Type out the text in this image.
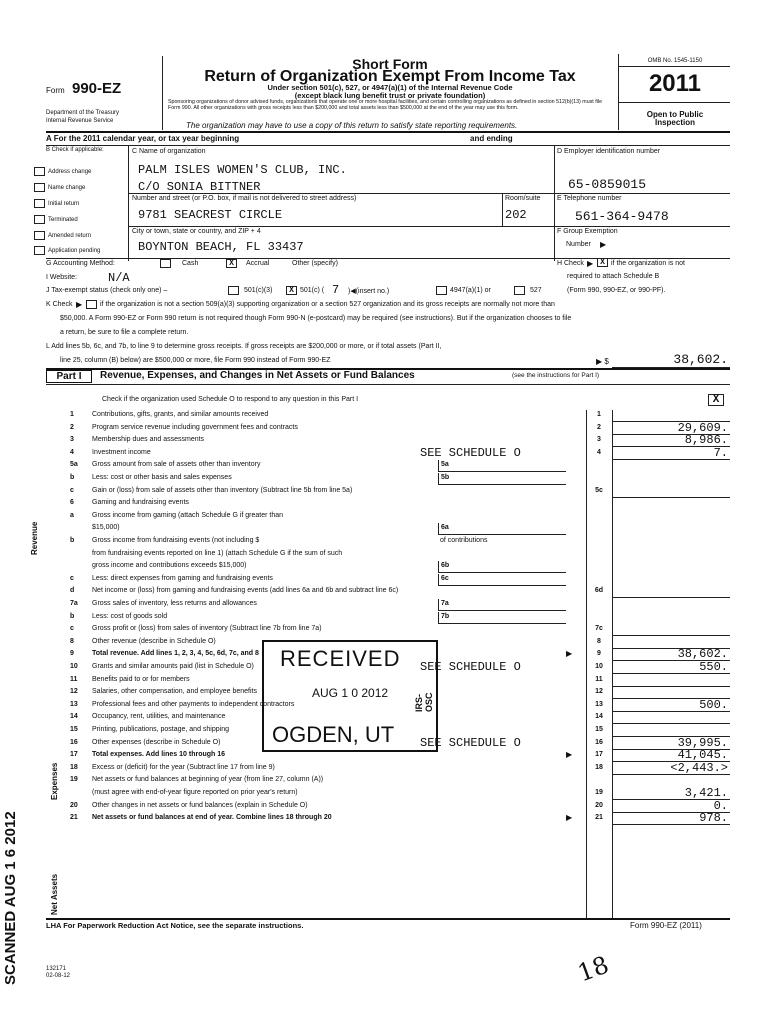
Form 990-EZ
Department of the Treasury
Internal Revenue Service
Short Form
Return of Organization Exempt From Income Tax
Under section 501(c), 527, or 4947(a)(1) of the Internal Revenue Code
(except black lung benefit trust or private foundation)
Sponsoring organizations of donor advised funds, organizations that operate one or more hospital facilities, and certain controlling organizations as defined in section 512(b)(13) must file Form 990. All other organizations with gross receipts less than $200,000 and total assets less than $500,000 at the end of the year may use this form.
The organization may have to use a copy of this return to satisfy state reporting requirements.
OMB No. 1545-1150
2011
Open to Public
Inspection
A For the 2011 calendar year, or tax year beginning	and ending
B Check if applicable:
Address change
Name change
Initial return
Terminated
Amended return
Application pending
C Name of organization
PALM ISLES WOMEN'S CLUB, INC.
C/O SONIA BITTNER
Number and street (or P.O. box, if mail is not delivered to street address)	Room/suite
9781 SEACREST CIRCLE	202
City or town, state or country, and ZIP + 4
BOYNTON BEACH, FL 33437
D Employer identification number
65-0859015
E Telephone number
561-364-9478
F Group Exemption
Number ▶
G Accounting Method:	Cash	X	Accrual	Other (specify)	H Check ▶ X if the organization is not
required to attach Schedule B
(Form 990, 990-EZ, or 990-PF).
I Website:	N/A
J Tax-exempt status (check only one) –	501(c)(3)	X 501(c) ( 7 )◀(insert no.)	4947(a)(1) or	527
K Check ▶	if the organization is not a section 509(a)(3) supporting organization or a section 527 organization and its gross receipts are normally not more than
$50,000. A Form 990-EZ or Form 990 return is not required though Form 990-N (e-postcard) may be required (see instructions). But if the organization chooses to file
a return, be sure to file a complete return.
L Add lines 5b, 6c, and 7b, to line 9 to determine gross receipts. If gross receipts are $200,000 or more, or if total assets (Part II,
line 25, column (B) below) are $500,000 or more, file Form 990 instead of Form 990-EZ	▶ $	38,602.
Part I	Revenue, Expenses, and Changes in Net Assets or Fund Balances	(see the instructions for Part I)
Check if the organization used Schedule O to respond to any question in this Part I	X
Revenue
Expenses
Net Assets
1	Contributions, gifts, grants, and similar amounts received	1
2	Program service revenue including government fees and contracts	2	29,609.
3	Membership dues and assessments	3	8,986.
4	Investment income	SEE SCHEDULE O	4	7.
5a Gross amount from sale of assets other than inventory	5a
b	Less: cost or other basis and sales expenses	5b
c	Gain or (loss) from sale of assets other than inventory (Subtract line 5b from line 5a)	5c
6	Gaming and fundraising events
a	Gross income from gaming (attach Schedule G if greater than
$15,000)	6a
b	Gross income from fundraising events (not including $	of contributions
from fundraising events reported on line 1) (attach Schedule G if the sum of such
gross income and contributions exceeds $15,000)	6b
c	Less: direct expenses from gaming and fundraising events	6c
d	Net income or (loss) from gaming and fundraising events (add lines 6a and 6b and subtract line 6c)	6d
7a Gross sales of inventory, less returns and allowances	7a
b	Less: cost of goods sold	7b
c	Gross profit or (loss) from sales of inventory (Subtract line 7b from line 7a)	7c
8	Other revenue (describe in Schedule O)	8
9	Total revenue. Add lines 1, 2, 3, 4, 5c, 6d, 7c, and 8	▶	9	38,602.
10 Grants and similar amounts paid (list in Schedule O)	SEE SCHEDULE O	10	550.
11 Benefits paid to or for members	11
12 Salaries, other compensation, and employee benefits	12
13 Professional fees and other payments to independent contractors	13	500.
14 Occupancy, rent, utilities, and maintenance	14
15 Printing, publications, postage, and shipping	15
16 Other expenses (describe in Schedule O)	SEE SCHEDULE O	16	39,995.
17 Total expenses. Add lines 10 through 16	▶	17	41,045.
18 Excess or (deficit) for the year (Subtract line 17 from line 9)	18	<2,443.>
19 Net assets or fund balances at beginning of year (from line 27, column (A))
(must agree with end-of-year figure reported on prior year's return)	19	3,421.
20 Other changes in net assets or fund balances (explain in Schedule O)	20	0.
21 Net assets or fund balances at end of year. Combine lines 18 through 20	▶	21	978.
RECEIVED
AUG 1 0 2012
OGDEN, UT
IRS-OSC
SCANNED AUG 1 6 2012	LHA For Paperwork Reduction Act Notice, see the separate instructions.	Form 990-EZ (2011)
132171
02-08-12	18
